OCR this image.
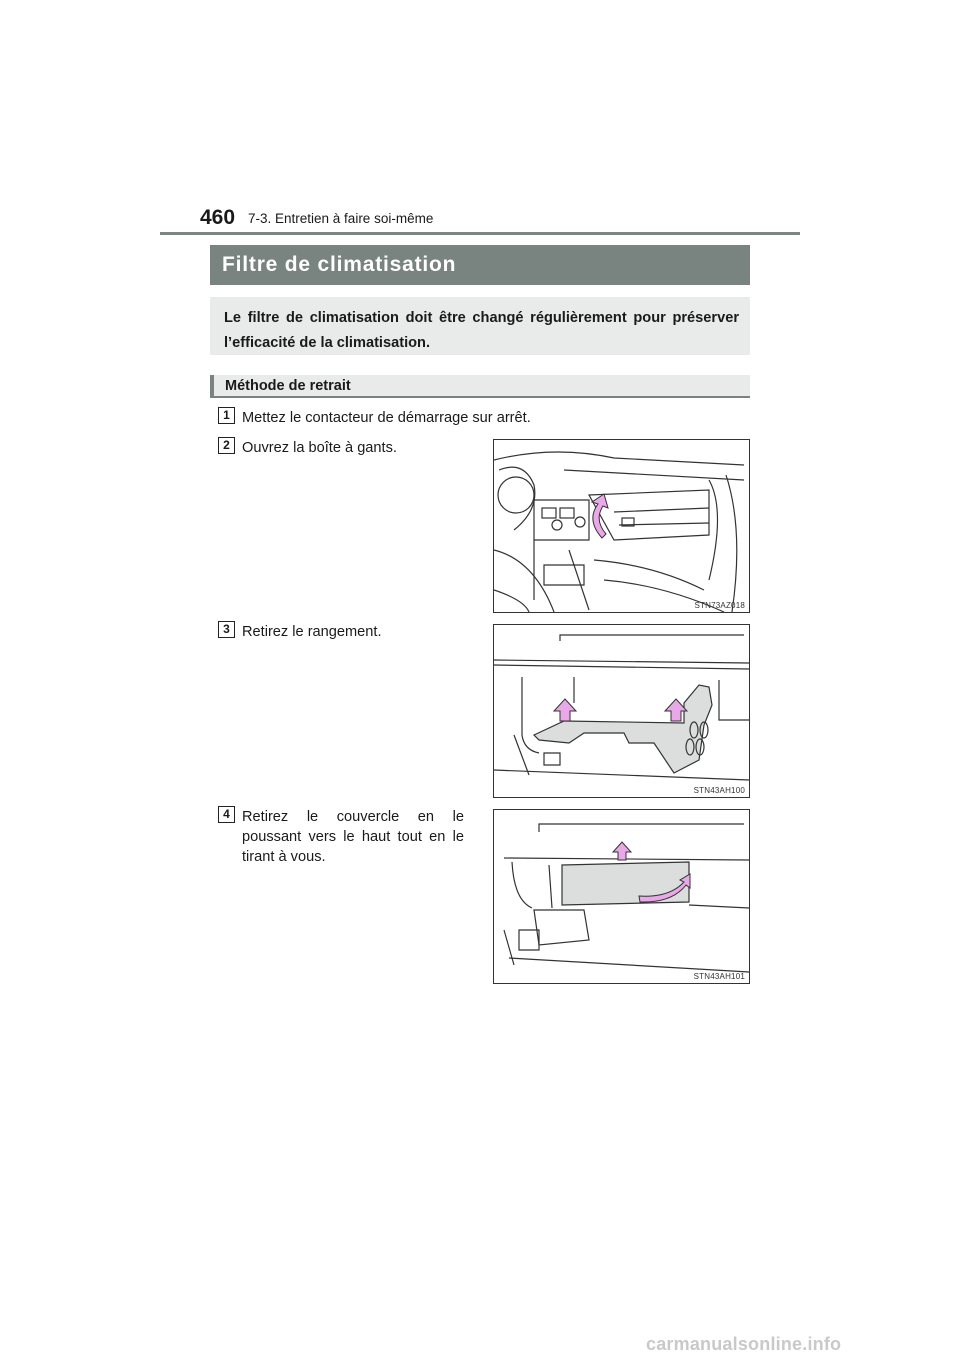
460 7-3. Entretien à faire soi-même
Filtre de climatisation
Le filtre de climatisation doit être changé régulièrement pour préserver l’efficacité de la climatisation.
Méthode de retrait
1 Mettez le contacteur de démarrage sur arrêt.
2 Ouvrez la boîte à gants.
STN73AZ018
3 Retirez le rangement.
STN43AH100
4 Retirez le couvercle en le poussant vers le haut tout en le tirant à vous.
STN43AH101
carmanualsonline.info
